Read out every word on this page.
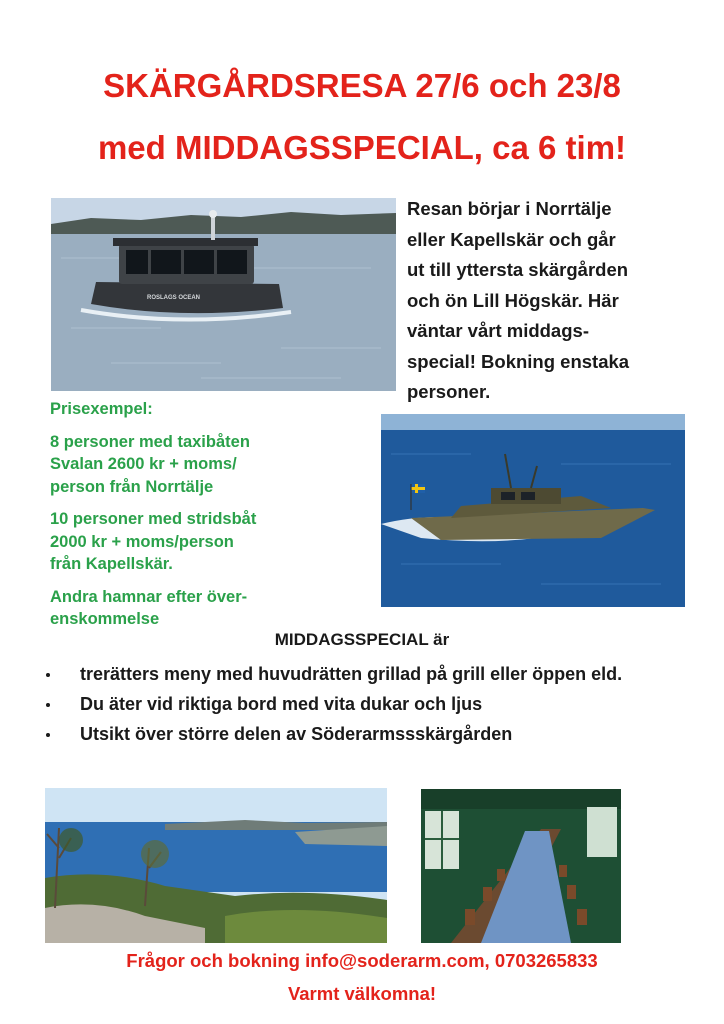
SKÄRGÅRDSRESA 27/6 och 23/8
med MIDDAGSSPECIAL, ca 6 tim!
ROSLAGS OCEAN
Resan börjar i Norrtälje
eller Kapellskär och går
ut till yttersta skärgården
och ön Lill Högskär. Här
väntar vårt middags-
special! Bokning enstaka
personer.
Prisexempel:
8 personer med taxibåten
Svalan 2600 kr + moms/
person från Norrtälje
10 personer med stridsbåt
2000 kr + moms/person
från Kapellskär.
Andra hamnar efter över-
enskommelse
MIDDAGSSPECIAL är
trerätters meny med huvudrätten grillad på grill eller öppen eld.
Du äter vid riktiga bord med vita dukar och ljus
Utsikt över större delen av Söderarmssskärgården
Frågor och bokning info@soderarm.com, 0703265833
Varmt välkomna!
